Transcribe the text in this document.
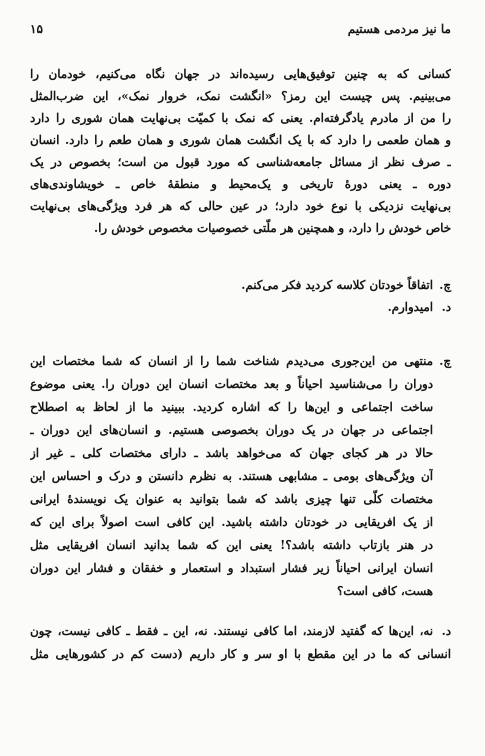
ما نیز مردمی هستیم
۱۵
کسانی که به چنین توفیق‌هایی رسیده‌اند در جهان نگاه می‌کنیم، خودمان را
می‌بینیم. پس چیست این رمز؟ «انگشت نمک، خروار نمک»، این ضرب‌المثل
را من از مادرم یادگرفته‌ام. یعنی که نمک با کمیّت بی‌نهایت همان شوری را دارد
و همان طعمی را دارد که با یک انگشت همان شوری و همان طعم را دارد. انسان
ـ صرف نظر از مسائل جامعه‌شناسی که مورد قبول من است؛ بخصوص در یک
دوره ـ یعنی دورهٔ تاریخی و یک‌محیط و منطقهٔ خاص ـ خویشاوندی‌های
بی‌نهایت نزدیکی با نوع خود دارد؛ در عین حالی که هر فرد ویژگی‌های بی‌نهایت
خاص خودش را دارد، و همچنین هر ملّتی خصوصیات مخصوص خودش را.
چ.
اتفاقاً خودتان کلاسه کردید فکر می‌کنم.
د.
امیدوارم.
چ.
منتهی من این‌جوری می‌دیدم شناخت شما را از انسان که شما مختصات این
دوران را می‌شناسید احیاناً و بعد مختصات انسان این دوران را. یعنی موضوع
ساخت اجتماعی و این‌ها را که اشاره کردید. ببینید ما از لحاظ به اصطلاح
اجتماعی در جهان در یک دوران بخصوصی هستیم. و انسان‌های این دوران ـ
حالا در هر کجای جهان که می‌خواهد باشد ـ دارای مختصات کلی ـ غیر از
آن ویژگی‌های بومی ـ مشابهی هستند. به نظرم دانستن و درک و احساس این
مختصات کلّی تنها چیزی باشد که شما بتوانید به عنوان یک نویسندهٔ ایرانی
از یک افریقایی در خودتان داشته باشید. این کافی است اصولاً برای این که
در هنر بازتاب داشته باشد؟! یعنی این که شما بدانید انسان افریقایی مثل
انسان ایرانی احیاناً زیر فشار استبداد و استعمار و خفقان و فشار این دوران
هست، کافی است؟
د.
نه، این‌ها که گفتید لازمند، اما کافی نیستند. نه، این ـ فقط ـ کافی نیست، چون
انسانی که ما در این مقطع با او سر و کار داریم (دست کم در کشورهایی مثل
